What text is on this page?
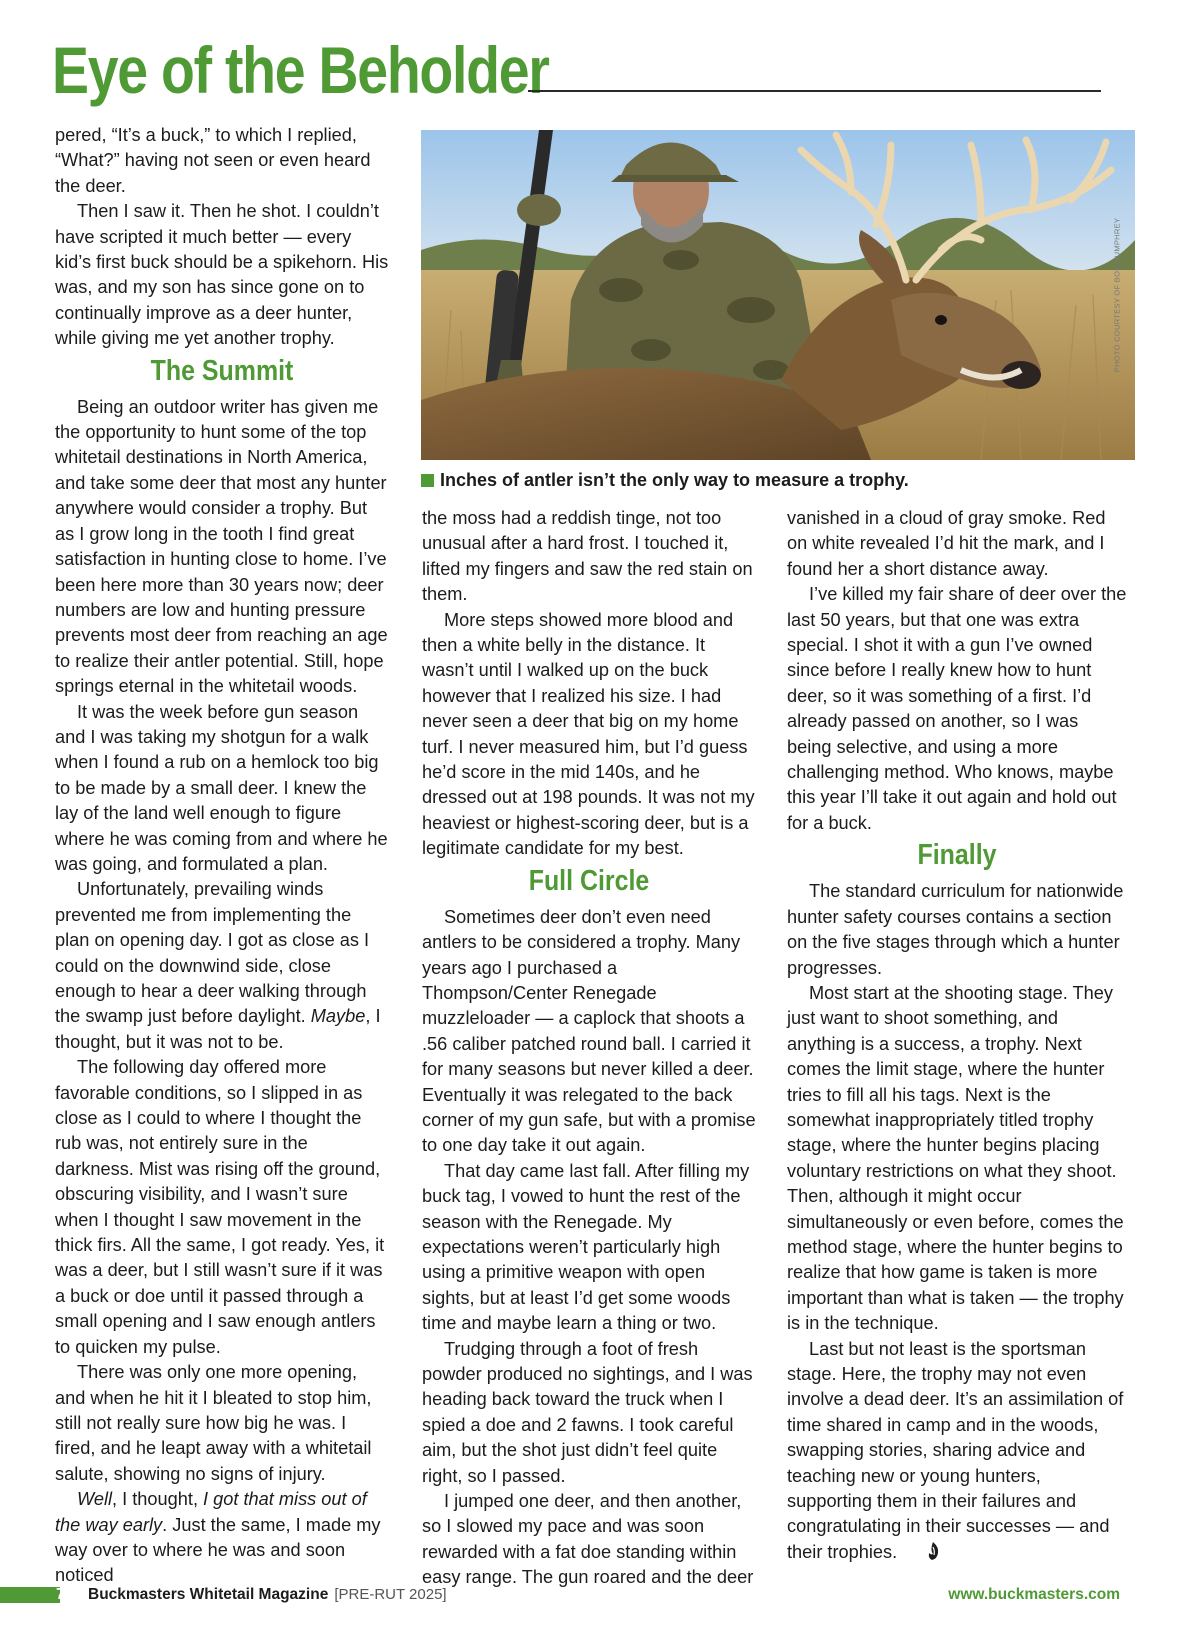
Eye of the Beholder
PHOTO COURTESY OF BOB HUMPHREY
Inches of antler isn’t the only way to measure a trophy.

pered, “It’s a buck,” to which I replied, “What?” having not seen or even heard the deer.

Then I saw it. Then he shot. I couldn’t have scripted it much better — every kid’s first buck should be a spikehorn. His was, and my son has since gone on to continually improve as a deer hunter, while giving me yet another trophy.

The Summit

Being an outdoor writer has given me the opportunity to hunt some of the top whitetail destinations in North America, and take some deer that most any hunter anywhere would consider a trophy. But as I grow long in the tooth I find great satisfaction in hunting close to home. I’ve been here more than 30 years now; deer numbers are low and hunting pressure prevents most deer from reaching an age to realize their antler potential. Still, hope springs eternal in the whitetail woods.

It was the week before gun season and I was taking my shotgun for a walk when I found a rub on a hemlock too big to be made by a small deer. I knew the lay of the land well enough to figure where he was coming from and where he was going, and formulated a plan.

Unfortunately, prevailing winds prevented me from implementing the plan on opening day. I got as close as I could on the downwind side, close enough to hear a deer walking through the swamp just before daylight. Maybe, I thought, but it was not to be.

The following day offered more favorable conditions, so I slipped in as close as I could to where I thought the rub was, not entirely sure in the darkness. Mist was rising off the ground, obscuring visibility, and I wasn’t sure when I thought I saw movement in the thick firs. All the same, I got ready. Yes, it was a deer, but I still wasn’t sure if it was a buck or doe until it passed through a small opening and I saw enough antlers to quicken my pulse.

There was only one more opening, and when he hit it I bleated to stop him, still not really sure how big he was. I fired, and he leapt away with a whitetail salute, showing no signs of injury.

Well, I thought, I got that miss out of the way early. Just the same, I made my way over to where he was and soon noticed

the moss had a reddish tinge, not too unusual after a hard frost. I touched it, lifted my fingers and saw the red stain on them.

More steps showed more blood and then a white belly in the distance. It wasn’t until I walked up on the buck however that I realized his size. I had never seen a deer that big on my home turf. I never measured him, but I’d guess he’d score in the mid 140s, and he dressed out at 198 pounds. It was not my heaviest or highest-scoring deer, but is a legitimate candidate for my best.

Full Circle

Sometimes deer don’t even need antlers to be considered a trophy. Many years ago I purchased a Thompson/Center Renegade muzzleloader — a caplock that shoots a .56 caliber patched round ball. I carried it for many seasons but never killed a deer. Eventually it was relegated to the back corner of my gun safe, but with a promise to one day take it out again.

That day came last fall. After filling my buck tag, I vowed to hunt the rest of the season with the Renegade. My expectations weren’t particularly high using a primitive weapon with open sights, but at least I’d get some woods time and maybe learn a thing or two.

Trudging through a foot of fresh powder produced no sightings, and I was heading back toward the truck when I spied a doe and 2 fawns. I took careful aim, but the shot just didn’t feel quite right, so I passed.

I jumped one deer, and then another, so I slowed my pace and was soon rewarded with a fat doe standing within easy range. The gun roared and the deer

vanished in a cloud of gray smoke. Red on white revealed I’d hit the mark, and I found her a short distance away.

I’ve killed my fair share of deer over the last 50 years, but that one was extra special. I shot it with a gun I’ve owned since before I really knew how to hunt deer, so it was something of a first. I’d already passed on another, so I was being selective, and using a more challenging method. Who knows, maybe this year I’ll take it out again and hold out for a buck.

Finally

The standard curriculum for nationwide hunter safety courses contains a section on the five stages through which a hunter progresses.

Most start at the shooting stage. They just want to shoot something, and anything is a success, a trophy. Next comes the limit stage, where the hunter tries to fill all his tags. Next is the somewhat inappropriately titled trophy stage, where the hunter begins placing voluntary restrictions on what they shoot. Then, although it might occur simultaneously or even before, comes the method stage, where the hunter begins to realize that how game is taken is more important than what is taken — the trophy is in the technique.

Last but not least is the sportsman stage. Here, the trophy may not even involve a dead deer. It’s an assimilation of time shared in camp and in the woods, swapping stories, sharing advice and teaching new or young hunters, supporting them in their failures and congratulating in their successes — and their trophies.

76 Buckmasters Whitetail Magazine [PRE-RUT 2025]	www.buckmasters.com
